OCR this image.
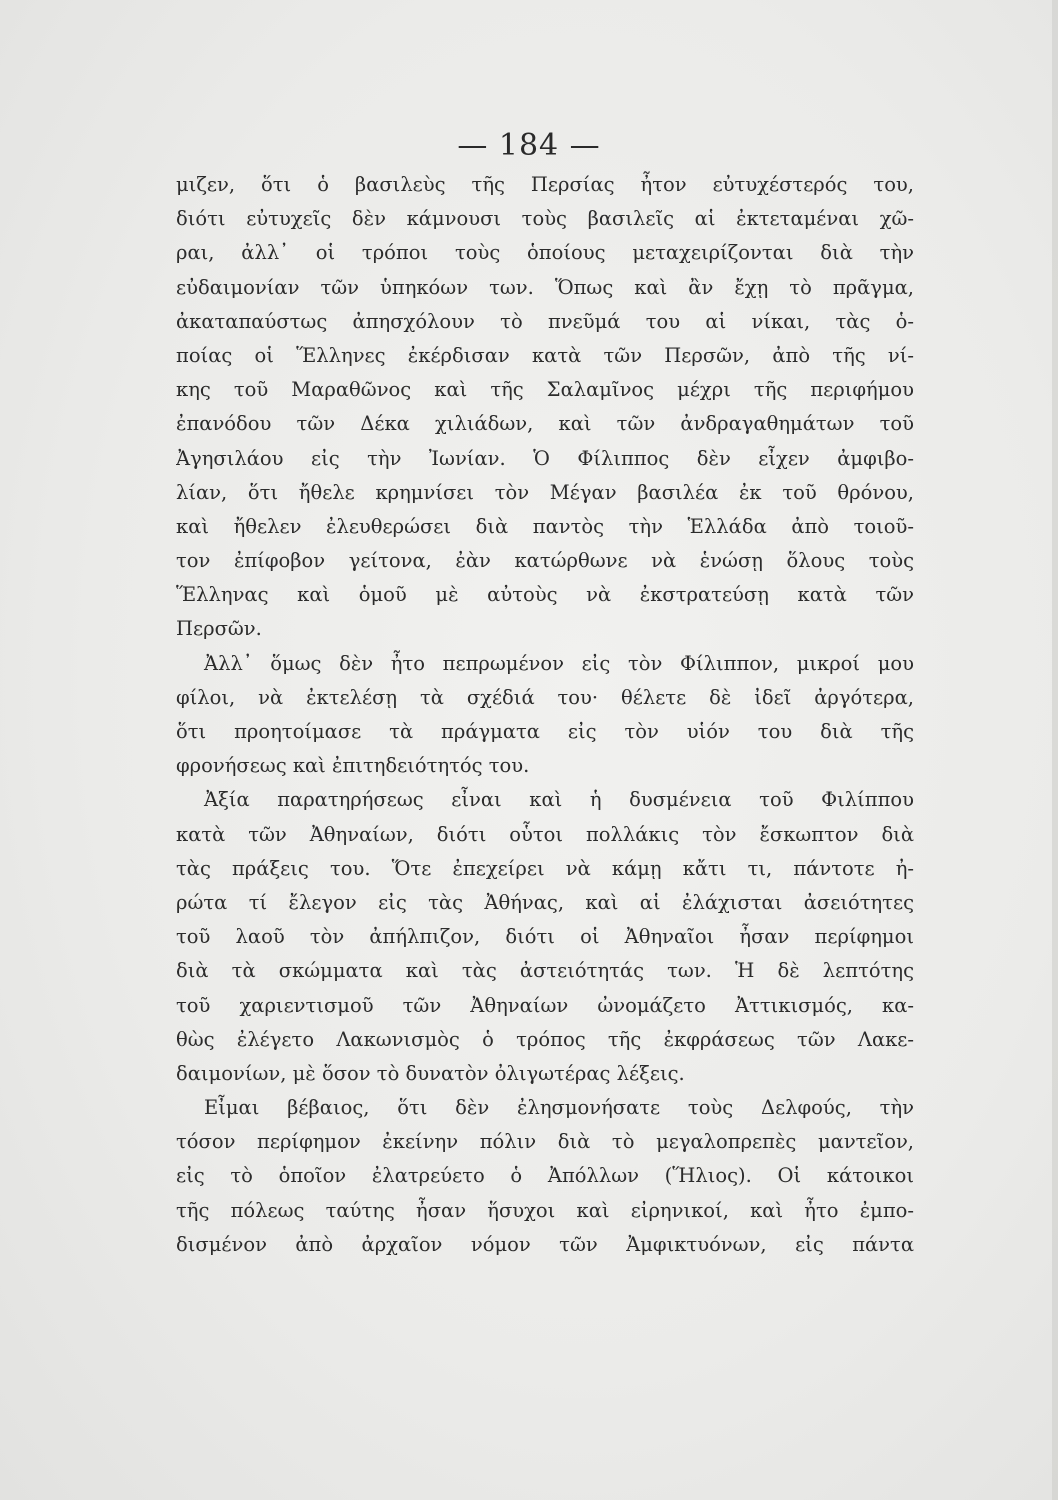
— 184 —
μιζεν, ὅτι ὁ βασιλεὺς τῆς Περσίας ἦτον εὐτυχέστερός του,
διότι εὐτυχεῖς δὲν κάμνουσι τοὺς βασιλεῖς αἱ ἐκτεταμέναι χῶ-
ραι, ἀλλ᾽ οἱ τρόποι τοὺς ὁποίους μεταχειρίζονται διὰ τὴν
εὐδαιμονίαν τῶν ὑπηκόων των. Ὅπως καὶ ἂν ἔχῃ τὸ πρᾶγμα,
ἀκαταπαύστως ἀπησχόλουν τὸ πνεῦμά του αἱ νίκαι, τὰς ὁ-
ποίας οἱ Ἕλληνες ἐκέρδισαν κατὰ τῶν Περσῶν, ἀπὸ τῆς νί-
κης τοῦ Μαραθῶνος καὶ τῆς Σαλαμῖνος μέχρι τῆς περιφήμου
ἐπανόδου τῶν Δέκα χιλιάδων, καὶ τῶν ἀνδραγαθημάτων τοῦ
Ἀγησιλάου εἰς τὴν Ἰωνίαν. Ὁ Φίλιππος δὲν εἶχεν ἀμφιβο-
λίαν, ὅτι ἤθελε κρημνίσει τὸν Μέγαν βασιλέα ἐκ τοῦ θρόνου,
καὶ ἤθελεν ἐλευθερώσει διὰ παντὸς τὴν Ἑλλάδα ἀπὸ τοιοῦ-
τον ἐπίφοβον γείτονα, ἐὰν κατώρθωνε νὰ ἑνώσῃ ὅλους τοὺς
Ἕλληνας καὶ ὁμοῦ μὲ αὐτοὺς νὰ ἐκστρατεύσῃ κατὰ τῶν
Περσῶν.
Ἀλλ᾽ ὅμως δὲν ἦτο πεπρωμένον εἰς τὸν Φίλιππον, μικροί μου
φίλοι, νὰ ἐκτελέσῃ τὰ σχέδιά του· θέλετε δὲ ἰδεῖ ἀργότερα,
ὅτι προητοίμασε τὰ πράγματα εἰς τὸν υἱόν του διὰ τῆς
φρονήσεως καὶ ἐπιτηδειότητός του.
Ἀξία παρατηρήσεως εἶναι καὶ ἡ δυσμένεια τοῦ Φιλίππου
κατὰ τῶν Ἀθηναίων, διότι οὗτοι πολλάκις τὸν ἔσκωπτον διὰ
τὰς πράξεις του. Ὅτε ἐπεχείρει νὰ κάμῃ κἄτι τι, πάντοτε ἠ-
ρώτα τί ἔλεγον εἰς τὰς Ἀθήνας, καὶ αἱ ἐλάχισται ἀσειότητες
τοῦ λαοῦ τὸν ἀπήλπιζον, διότι οἱ Ἀθηναῖοι ἦσαν περίφημοι
διὰ τὰ σκώμματα καὶ τὰς ἀστειότητάς των. Ἡ δὲ λεπτότης
τοῦ χαριεντισμοῦ τῶν Ἀθηναίων ὠνομάζετο Ἀττικισμός, κα-
θὼς ἐλέγετο Λακωνισμὸς ὁ τρόπος τῆς ἐκφράσεως τῶν Λακε-
δαιμονίων, μὲ ὅσον τὸ δυνατὸν ὀλιγωτέρας λέξεις.
Εἶμαι βέβαιος, ὅτι δὲν ἐλησμονήσατε τοὺς Δελφούς, τὴν
τόσον περίφημον ἐκείνην πόλιν διὰ τὸ μεγαλοπρεπὲς μαντεῖον,
εἰς τὸ ὁποῖον ἐλατρεύετο ὁ Ἀπόλλων (Ἥλιος). Οἱ κάτοικοι
τῆς πόλεως ταύτης ἦσαν ἥσυχοι καὶ εἰρηνικοί, καὶ ἦτο ἐμπο-
δισμένον ἀπὸ ἀρχαῖον νόμον τῶν Ἀμφικτυόνων, εἰς πάντα
